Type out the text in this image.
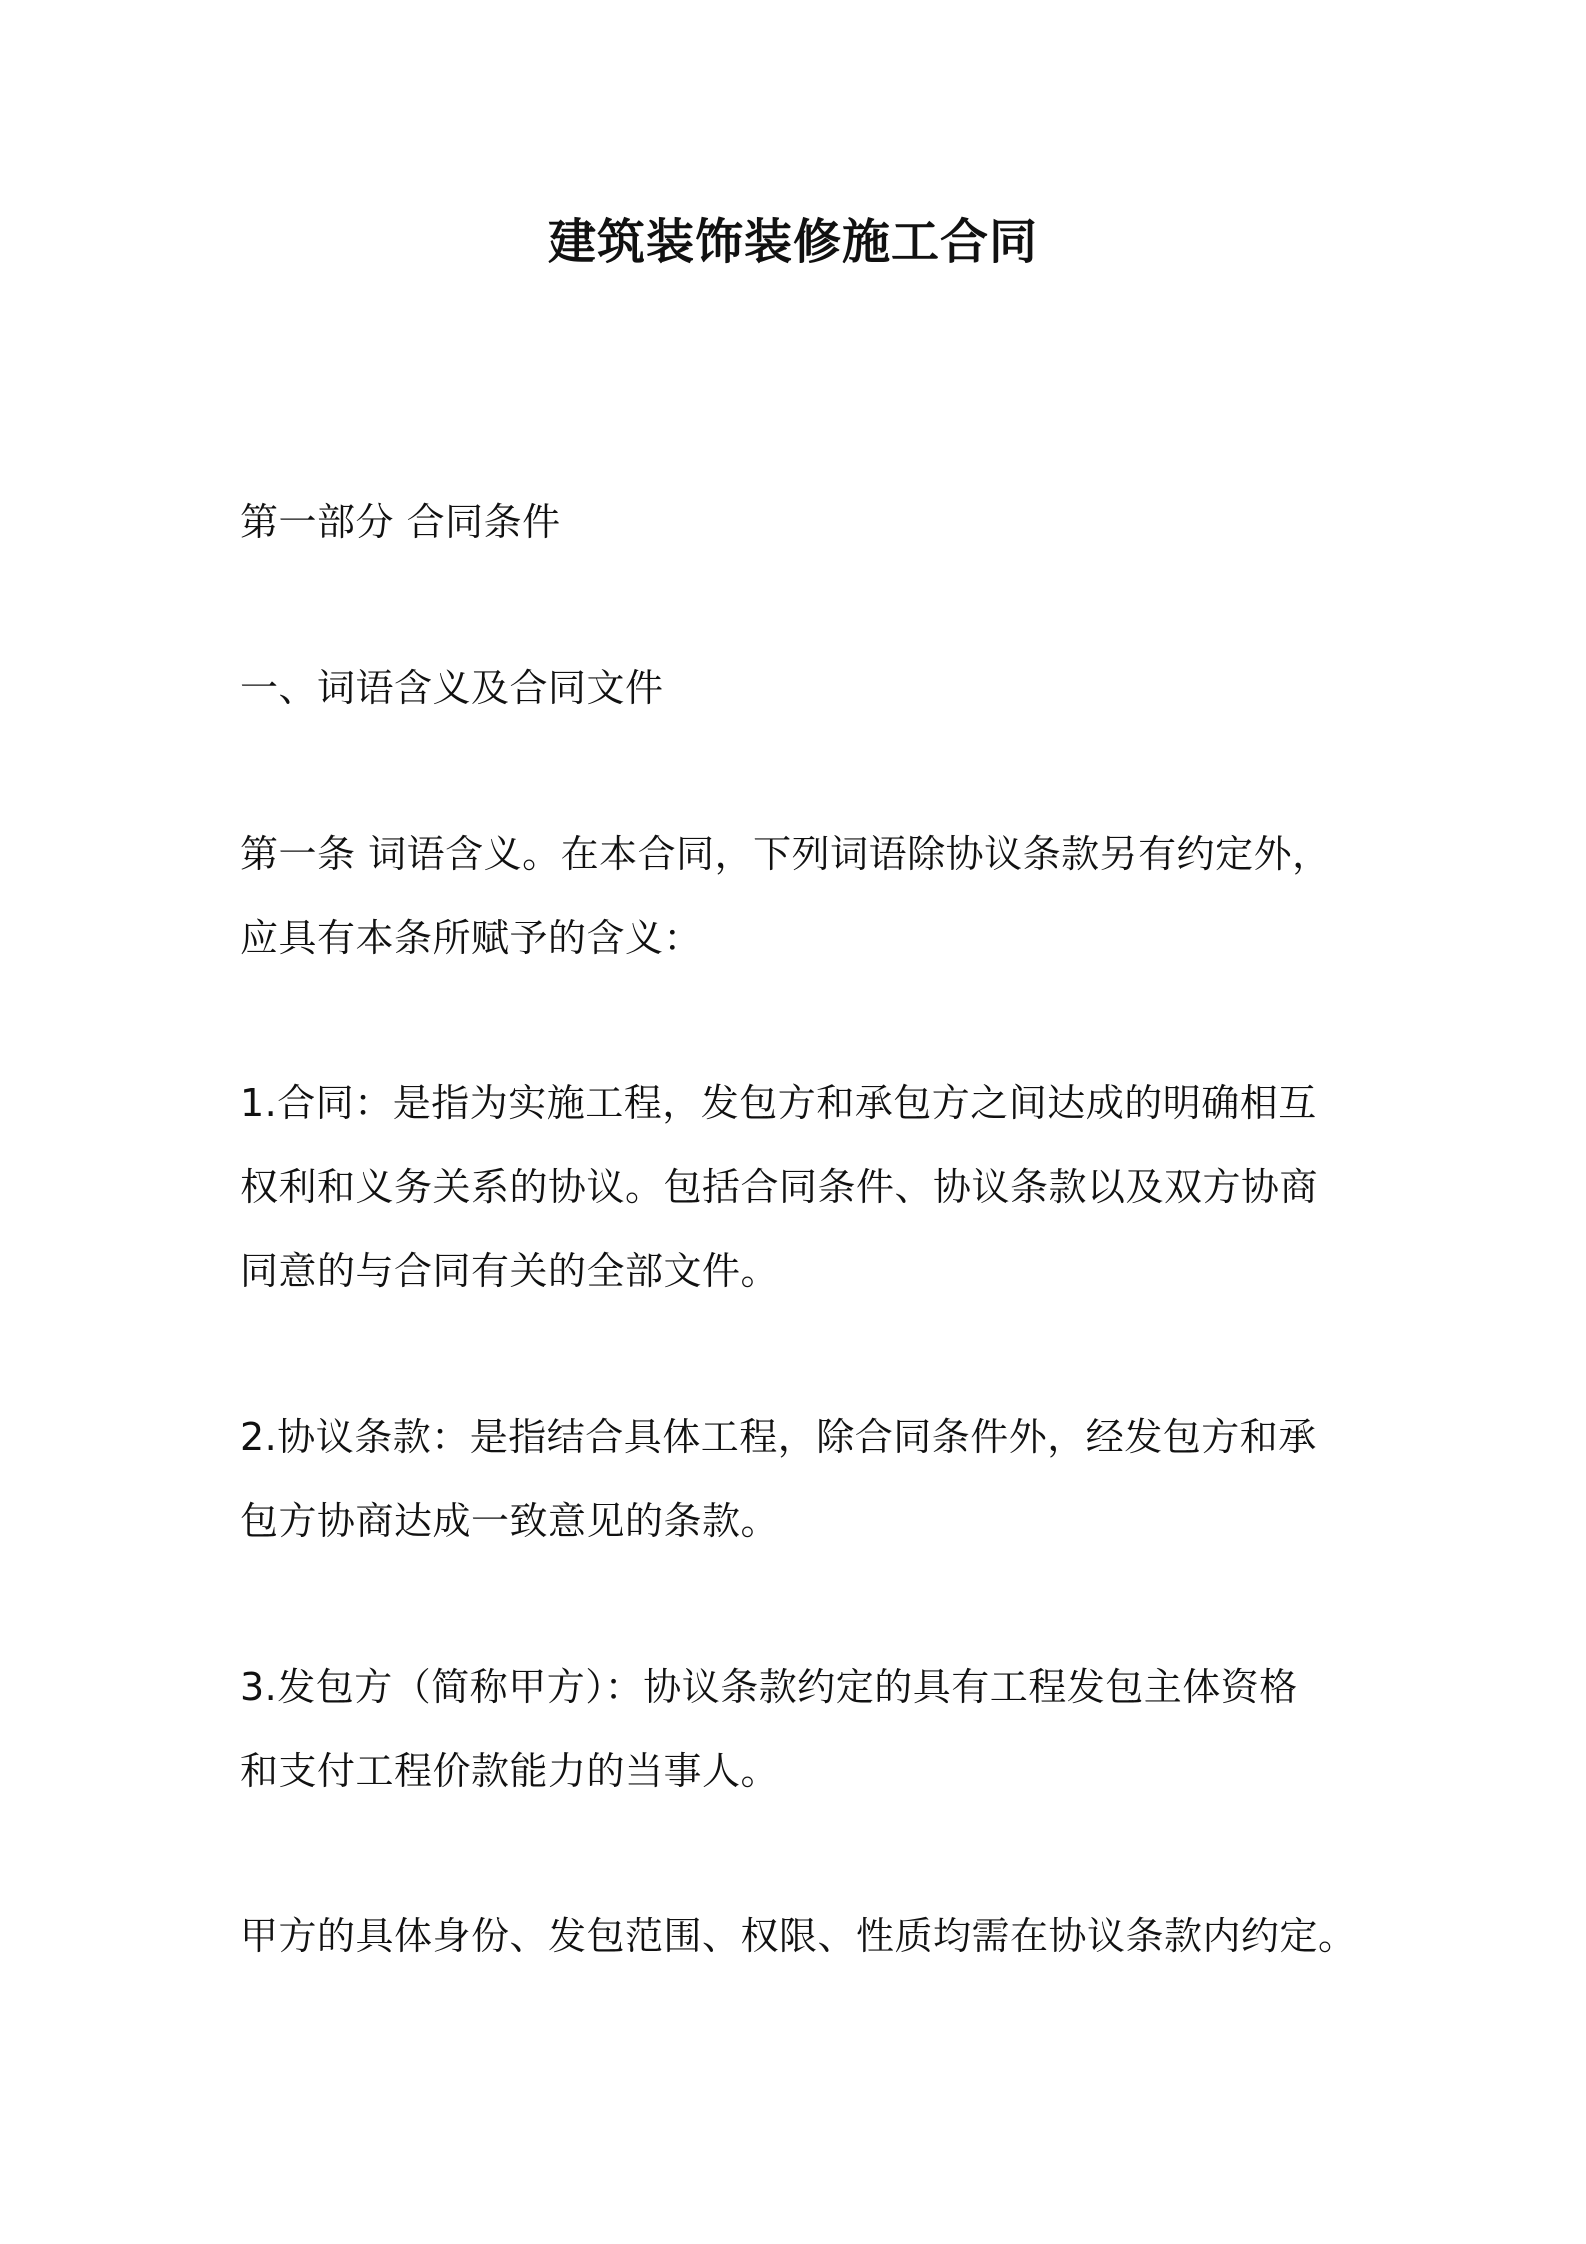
建筑装饰装修施工合同

第一部分 合同条件

一、词语含义及合同文件

第一条 词语含义。在本合同，下列词语除协议条款另有约定外，
应具有本条所赋予的含义：

1.合同：是指为实施工程，发包方和承包方之间达成的明确相互
权利和义务关系的协议。包括合同条件、协议条款以及双方协商
同意的与合同有关的全部文件。

2.协议条款：是指结合具体工程，除合同条件外，经发包方和承
包方协商达成一致意见的条款。

3.发包方（简称甲方）：协议条款约定的具有工程发包主体资格
和支付工程价款能力的当事人。

甲方的具体身份、发包范围、权限、性质均需在协议条款内约定。
